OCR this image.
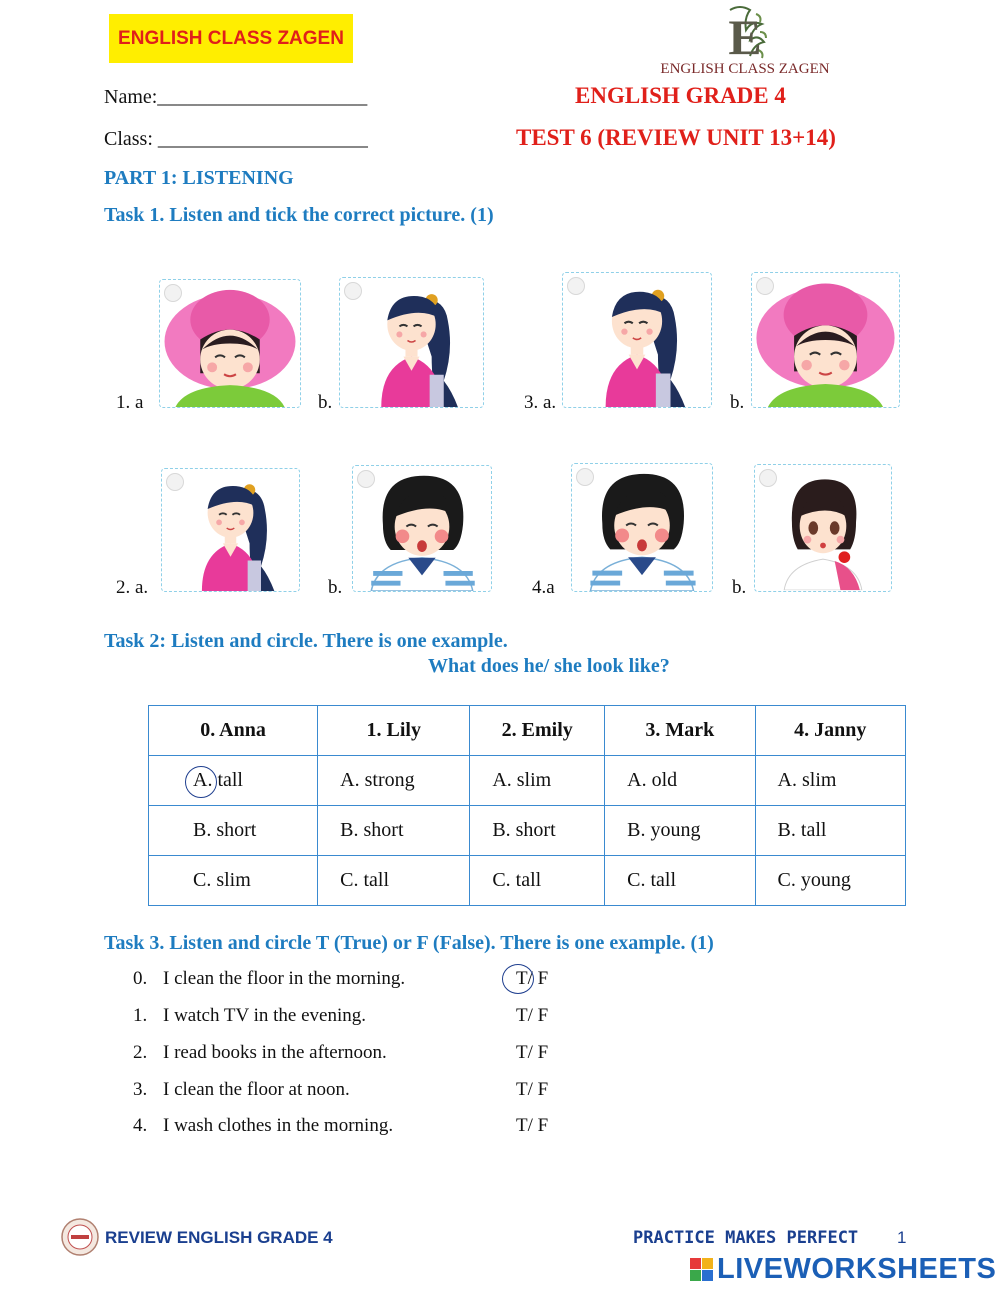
ENGLISH CLASS ZAGEN	E
ENGLISH CLASS ZAGEN
Name:_____________________
Class: _____________________
ENGLISH GRADE 4
TEST 6 (REVIEW UNIT 13+14)
PART 1: LISTENING
Task 1. Listen and tick the correct picture. (1)
1. a	b.	3. a.	b.
2. a.	b.	4.a	b.
Task 2: Listen and circle. There is one example.
What does he/ she look like?
0. Anna	1. Lily	2. Emily	3. Mark	4. Janny
A. tall	A. strong	A. slim	A. old	A. slim
B. short	B. short	B. short	B. young	B. tall
C. slim	C. tall	C. tall	C. tall	C. young
Task 3. Listen and circle T (True) or F (False). There is one example. (1)
0. I clean the floor in the morning.	T/ F
1. I watch TV in the evening.	T/ F
2. I read books in the afternoon.	T/ F
3. I clean the floor at noon.	T/ F
4. I wash clothes in the morning.	T/ F
REVIEW ENGLISH GRADE 4	PRACTICE MAKES PERFECT 1
LIVEWORKSHEETS
